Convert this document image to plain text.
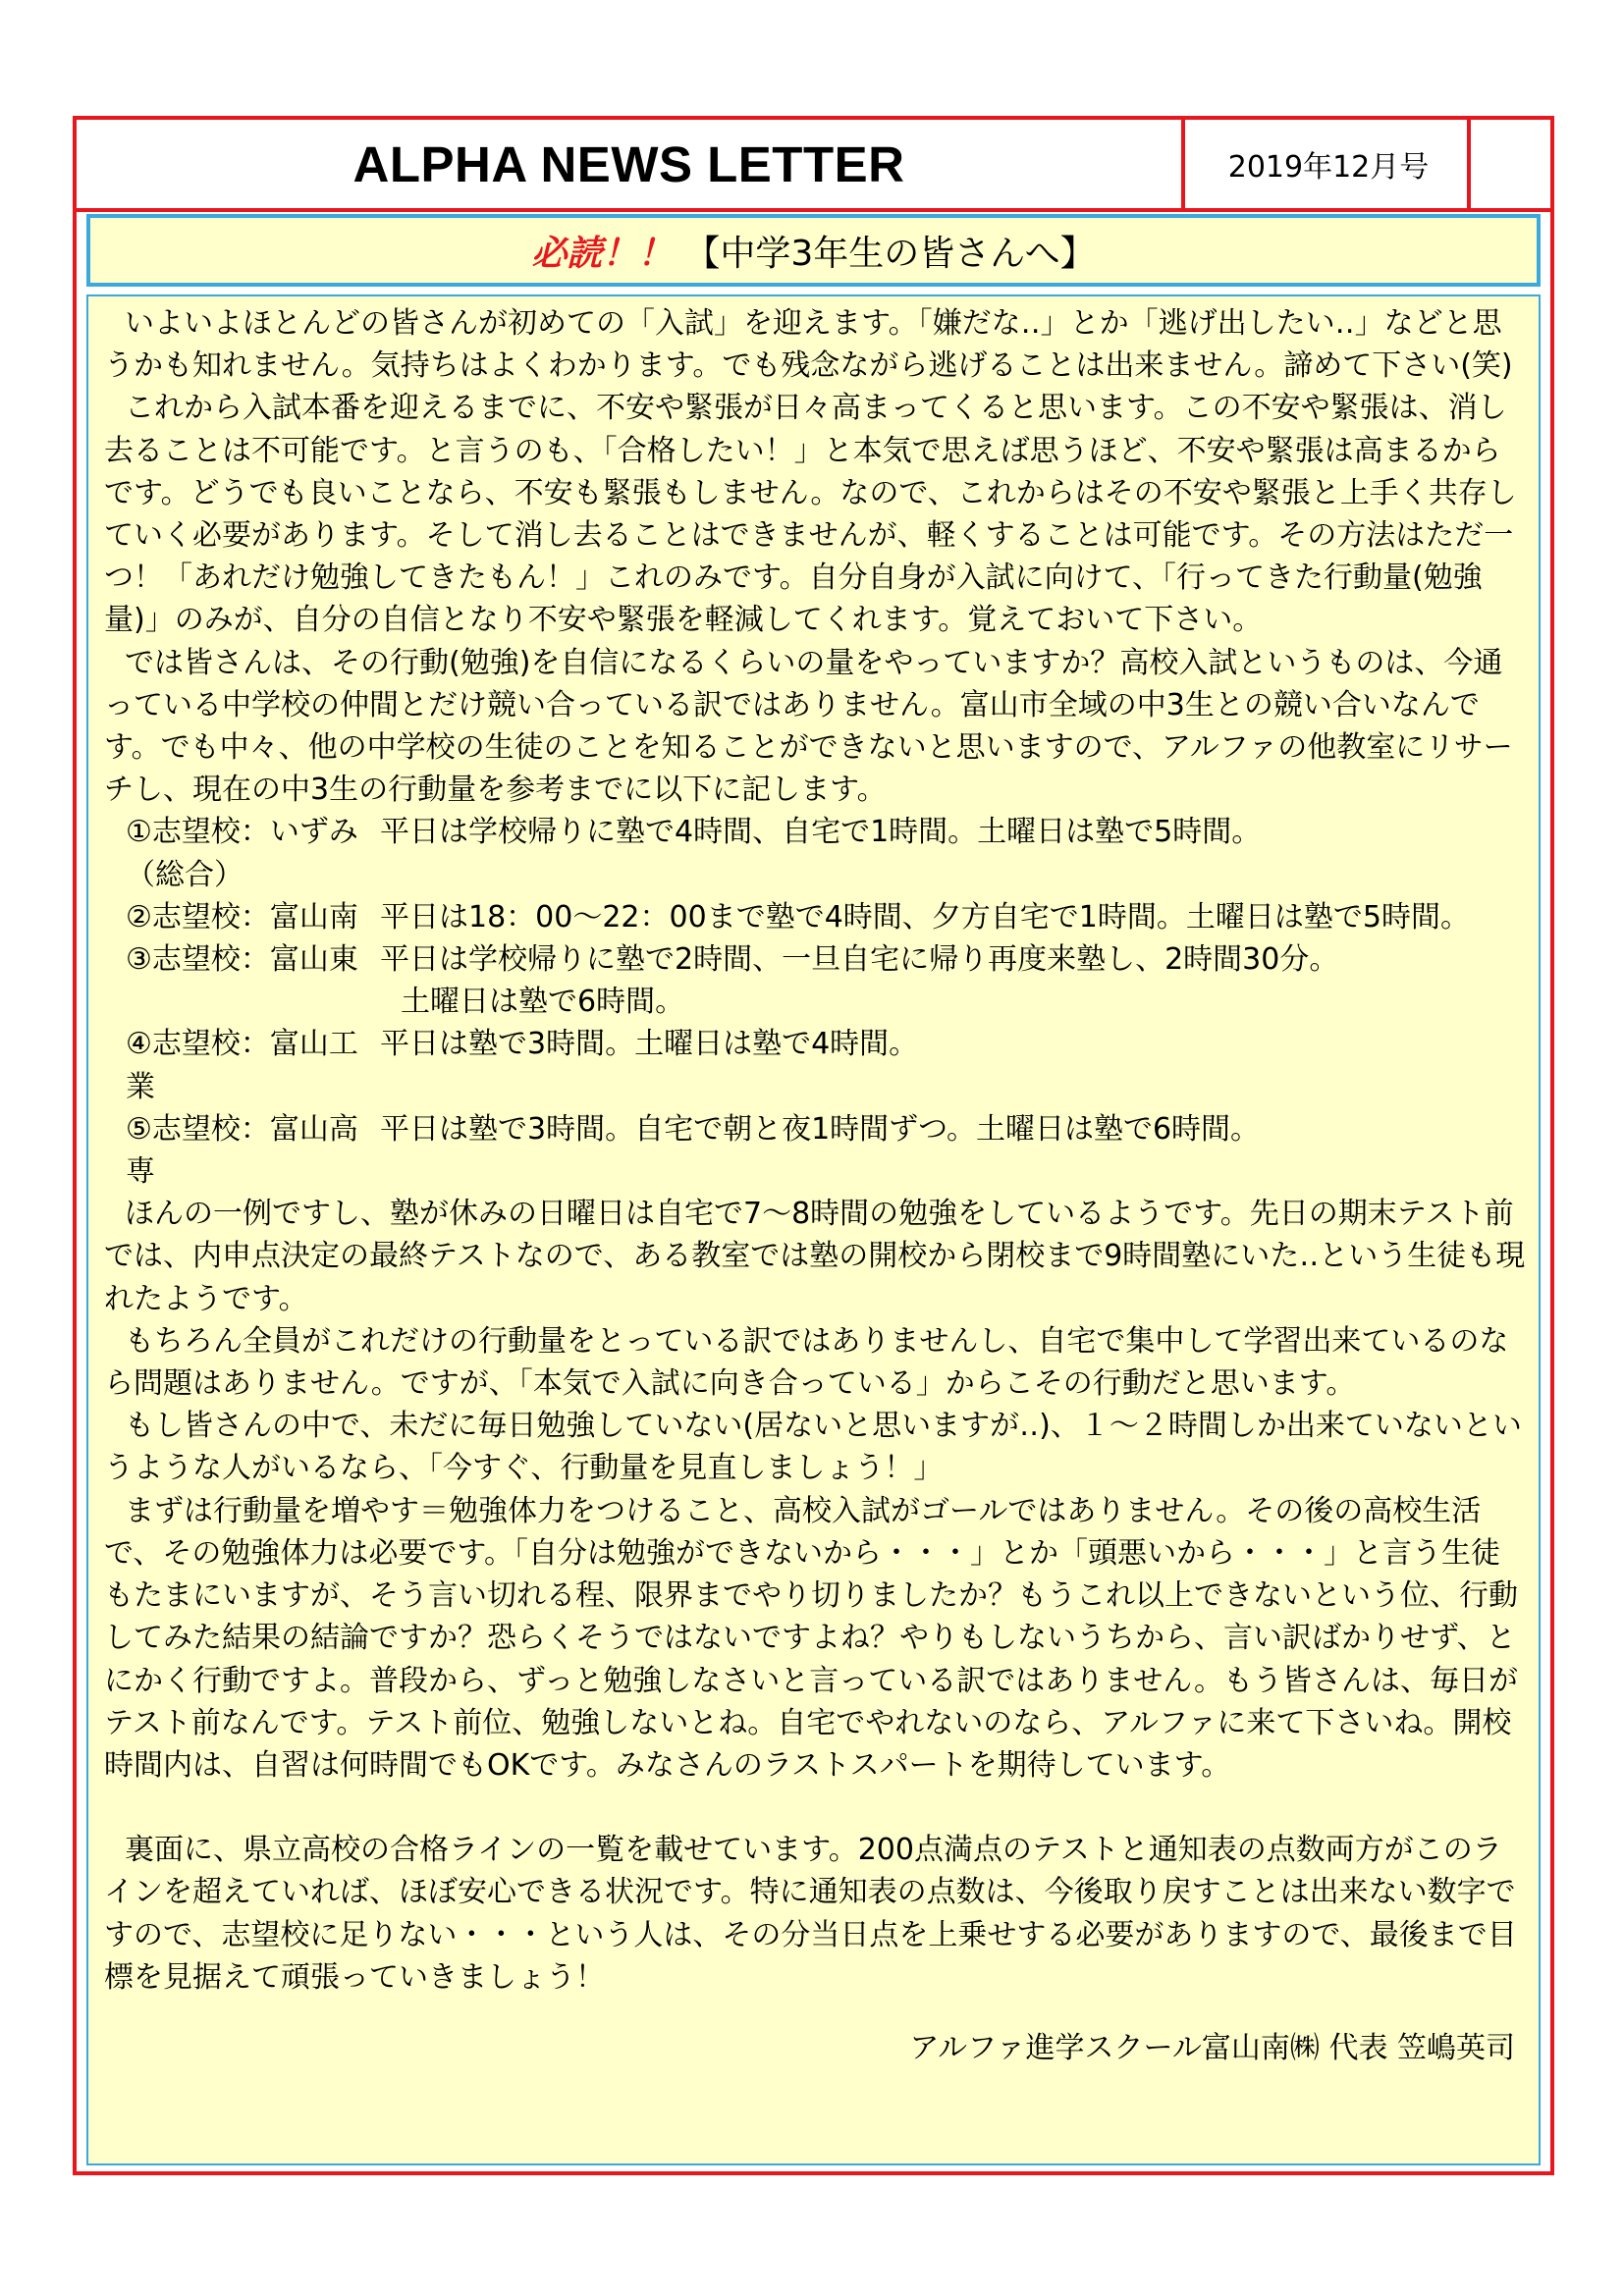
ALPHA NEWS LETTER	2019年12月号
必読！！ 【中学3年生の皆さんへ】

いよいよほとんどの皆さんが初めての「入試」を迎えます。「嫌だな‥」とか「逃げ出したい‥」などと思うかも知れません。気持ちはよくわかります。でも残念ながら逃げることは出来ません。諦めて下さい(笑)

これから入試本番を迎えるまでに、不安や緊張が日々高まってくると思います。この不安や緊張は、消し去ることは不可能です。と言うのも、「合格したい！」と本気で思えば思うほど、不安や緊張は高まるからです。どうでも良いことなら、不安も緊張もしません。なので、これからはその不安や緊張と上手く共存していく必要があります。そして消し去ることはできませんが、軽くすることは可能です。その方法はただ一つ！「あれだけ勉強してきたもん！」これのみです。自分自身が入試に向けて、「行ってきた行動量(勉強量)」のみが、自分の自信となり不安や緊張を軽減してくれます。覚えておいて下さい。

では皆さんは、その行動(勉強)を自信になるくらいの量をやっていますか？高校入試というものは、今通っている中学校の仲間とだけ競い合っている訳ではありません。富山市全域の中3生との競い合いなんです。でも中々、他の中学校の生徒のことを知ることができないと思いますので、アルファの他教室にリサーチし、現在の中3生の行動量を参考までに以下に記します。

①志望校：いずみ（総合）
平日は学校帰りに塾で4時間、自宅で1時間。土曜日は塾で5時間。
②志望校：富山南 平日は18：00～22：00まで塾で4時間、夕方自宅で1時間。土曜日は塾で5時間。
③志望校：富山東 平日は学校帰りに塾で2時間、一旦自宅に帰り再度来塾し、2時間30分。
土曜日は塾で6時間。
④志望校：富山工業
平日は塾で3時間。土曜日は塾で4時間。
⑤志望校：富山高専
平日は塾で3時間。自宅で朝と夜1時間ずつ。土曜日は塾で6時間。

ほんの一例ですし、塾が休みの日曜日は自宅で7～8時間の勉強をしているようです。先日の期末テスト前では、内申点決定の最終テストなので、ある教室では塾の開校から閉校まで9時間塾にいた‥という生徒も現れたようです。

もちろん全員がこれだけの行動量をとっている訳ではありませんし、自宅で集中して学習出来ているのなら問題はありません。ですが、「本気で入試に向き合っている」からこその行動だと思います。

もし皆さんの中で、未だに毎日勉強していない(居ないと思いますが‥)、１～２時間しか出来ていないというような人がいるなら、「今すぐ、行動量を見直しましょう！」

まずは行動量を増やす＝勉強体力をつけること、高校入試がゴールではありません。その後の高校生活で、その勉強体力は必要です。「自分は勉強ができないから・・・」とか「頭悪いから・・・」と言う生徒もたまにいますが、そう言い切れる程、限界までやり切りましたか？もうこれ以上できないという位、行動してみた結果の結論ですか？恐らくそうではないですよね？やりもしないうちから、言い訳ばかりせず、とにかく行動ですよ。普段から、ずっと勉強しなさいと言っている訳ではありません。もう皆さんは、毎日がテスト前なんです。テスト前位、勉強しないとね。自宅でやれないのなら、アルファに来て下さいね。開校時間内は、自習は何時間でもOKです。みなさんのラストスパートを期待しています。

裏面に、県立高校の合格ラインの一覧を載せています。200点満点のテストと通知表の点数両方がこのラインを超えていれば、ほぼ安心できる状況です。特に通知表の点数は、今後取り戻すことは出来ない数字ですので、志望校に足りない・・・という人は、その分当日点を上乗せする必要がありますので、最後まで目標を見据えて頑張っていきましょう！

アルファ進学スクール富山南㈱ 代表 笠嶋英司
